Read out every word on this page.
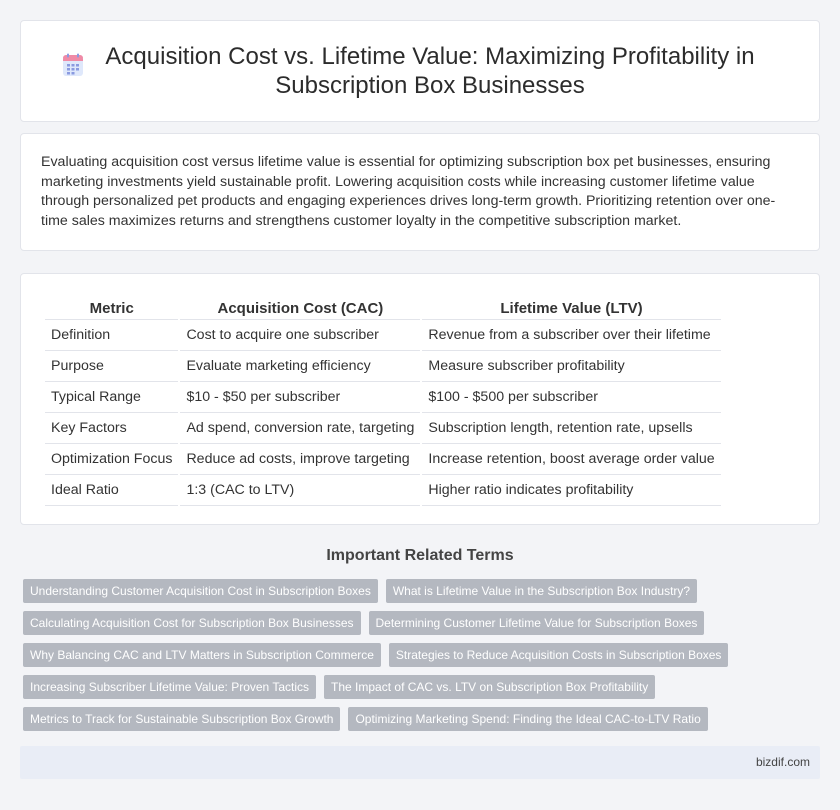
Acquisition Cost vs. Lifetime Value: Maximizing Profitability in Subscription Box Businesses

Evaluating acquisition cost versus lifetime value is essential for optimizing subscription box pet businesses, ensuring marketing investments yield sustainable profit. Lowering acquisition costs while increasing customer lifetime value through personalized pet products and engaging experiences drives long-term growth. Prioritizing retention over one-time sales maximizes returns and strengthens customer loyalty in the competitive subscription market.

Metric	Acquisition Cost (CAC)	Lifetime Value (LTV)
Definition	Cost to acquire one subscriber	Revenue from a subscriber over their lifetime
Purpose	Evaluate marketing efficiency	Measure subscriber profitability
Typical Range	$10 - $50 per subscriber	$100 - $500 per subscriber
Key Factors	Ad spend, conversion rate, targeting	Subscription length, retention rate, upsells
Optimization Focus	Reduce ad costs, improve targeting	Increase retention, boost average order value
Ideal Ratio	1:3 (CAC to LTV)	Higher ratio indicates profitability
Important Related Terms
Understanding Customer Acquisition Cost in Subscription Boxes	What is Lifetime Value in the Subscription Box Industry?
Calculating Acquisition Cost for Subscription Box Businesses	Determining Customer Lifetime Value for Subscription Boxes
Why Balancing CAC and LTV Matters in Subscription Commerce	Strategies to Reduce Acquisition Costs in Subscription Boxes
Increasing Subscriber Lifetime Value: Proven Tactics	The Impact of CAC vs. LTV on Subscription Box Profitability
Metrics to Track for Sustainable Subscription Box Growth	Optimizing Marketing Spend: Finding the Ideal CAC-to-LTV Ratio
bizdif.com
